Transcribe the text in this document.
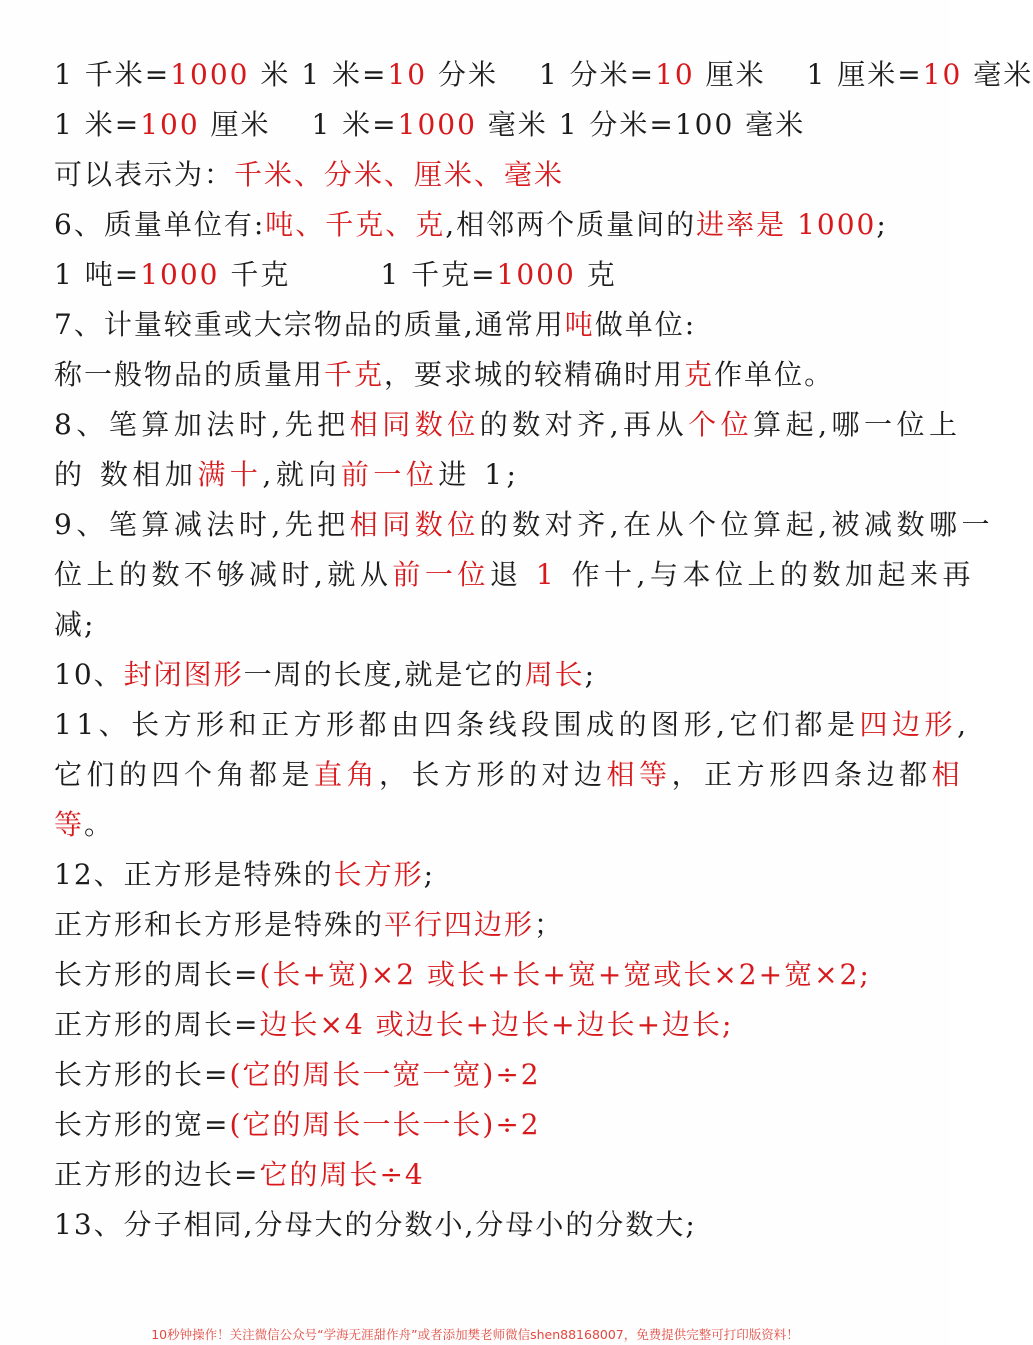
1 千米=1000 米 1 米=10 分米　 1 分米=10 厘米　 1 厘米=10 毫米
1 米=100 厘米　 1 米=1000 毫米 1 分米=100 毫米
可以表示为：千米、分米、厘米、毫米
6、质量单位有:吨、千克、克,相邻两个质量间的进率是 1000;
1 吨=1000 千克　　　1 千克=1000 克
7、计量较重或大宗物品的质量,通常用吨做单位:
称一般物品的质量用千克，要求城的较精确时用克作单位。
8、笔算加法时,先把相同数位的数对齐,再从个位算起,哪一位上
的 数相加满十,就向前一位进 1;
9、笔算减法时,先把相同数位的数对齐,在从个位算起,被减数哪一
位上的数不够减时,就从前一位退 1 作十,与本位上的数加起来再
减;
10、封闭图形一周的长度,就是它的周长;
11、长方形和正方形都由四条线段围成的图形,它们都是四边形,
它们的四个角都是直角，长方形的对边相等，正方形四条边都相
等。
12、正方形是特殊的长方形;
正方形和长方形是特殊的平行四边形；
长方形的周长=(长+宽)×2 或长+长+宽+宽或长×2+宽×2;
正方形的周长=边长×4 或边长+边长+边长+边长;
长方形的长=(它的周长一宽一宽)÷2
长方形的宽=(它的周长一长一长)÷2
正方形的边长=它的周长÷4
13、分子相同,分母大的分数小,分母小的分数大;
10秒钟操作！关注微信公众号“学海无涯甜作舟”或者添加樊老师微信shen88168007，免费提供完整可打印版资料！
